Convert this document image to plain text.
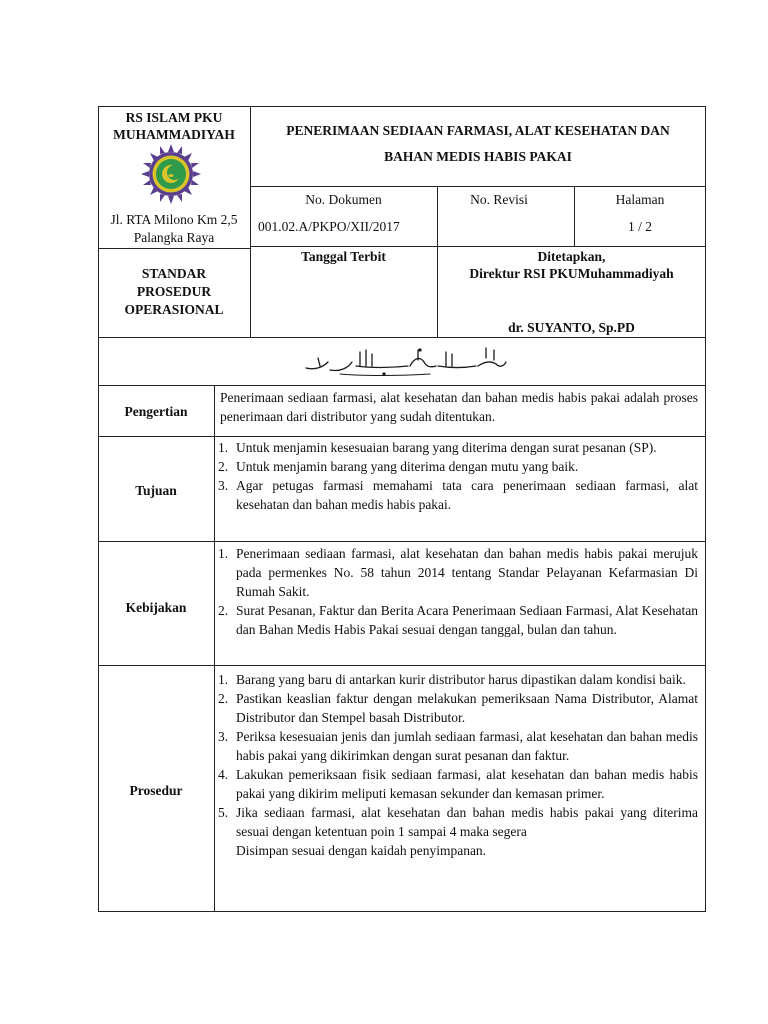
RS ISLAM PKU
MUHAMMADIYAH
Jl. RTA Milono Km 2,5
Palangka Raya
PENERIMAAN SEDIAAN FARMASI, ALAT KESEHATAN DAN
BAHAN MEDIS HABIS PAKAI
No. Dokumen
001.02.A/PKPO/XII/2017
No. Revisi	Halaman
1 / 2
STANDAR
PROSEDUR
OPERASIONAL
Tanggal Terbit	Ditetapkan,
Direktur RSI PKUMuhammadiyah
dr. SUYANTO, Sp.PD
Pengertian
Penerimaan sediaan farmasi, alat kesehatan dan bahan medis habis pakai adalah proses penerimaan dari distributor yang sudah ditentukan.
Tujuan
1. Untuk menjamin kesesuaian barang yang diterima dengan surat pesanan (SP).
2. Untuk menjamin barang yang diterima dengan mutu yang baik.
3. Agar petugas farmasi memahami tata cara penerimaan sediaan farmasi, alat kesehatan dan bahan medis habis pakai.
Kebijakan
1. Penerimaan sediaan farmasi, alat kesehatan dan bahan medis habis pakai merujuk pada permenkes No. 58 tahun 2014 tentang Standar Pelayanan Kefarmasian Di Rumah Sakit.
2. Surat Pesanan, Faktur dan Berita Acara Penerimaan Sediaan Farmasi, Alat Kesehatan dan Bahan Medis Habis Pakai sesuai dengan tanggal, bulan dan tahun.
Prosedur
1. Barang yang baru di antarkan kurir distributor harus dipastikan dalam kondisi baik.
2. Pastikan keaslian faktur dengan melakukan pemeriksaan Nama Distributor, Alamat Distributor dan Stempel basah Distributor.
3. Periksa kesesuaian jenis dan jumlah sediaan farmasi, alat kesehatan dan bahan medis habis pakai yang dikirimkan dengan surat pesanan dan faktur.
4. Lakukan pemeriksaan fisik sediaan farmasi, alat kesehatan dan bahan medis habis pakai yang dikirim meliputi kemasan sekunder dan kemasan primer.
5. Jika sediaan farmasi, alat kesehatan dan bahan medis habis pakai yang diterima sesuai dengan ketentuan poin 1 sampai 4 maka segera
Disimpan sesuai dengan kaidah penyimpanan.
